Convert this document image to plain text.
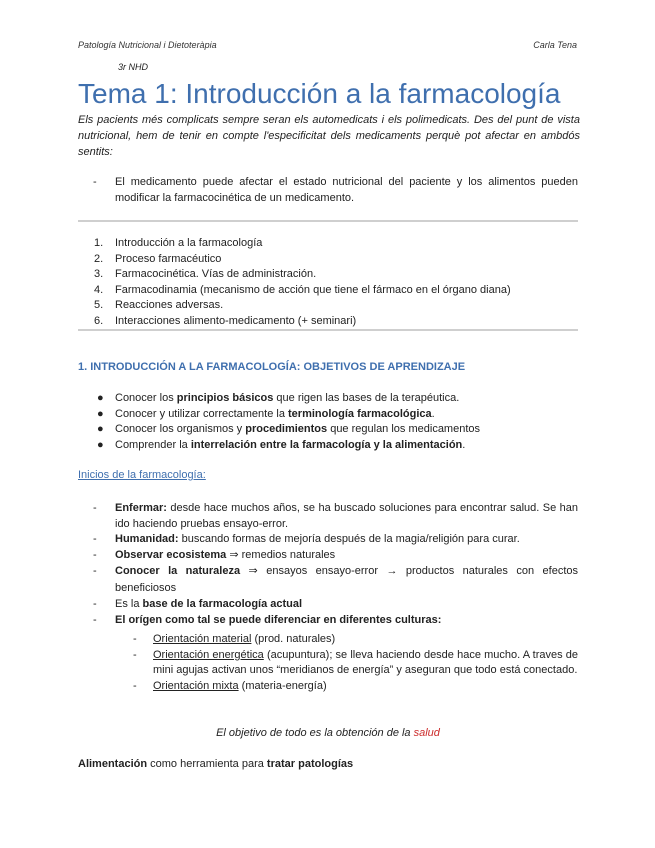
Patología Nutricional i Dietoteràpia	Carla Tena
3r NHD
Tema 1: Introducción a la farmacología
Els pacients més complicats sempre seran els automedicats i els polimedicats. Des del punt de vista nutricional, hem de tenir en compte l'especificitat dels medicaments perquè pot afectar en ambdós sentits:
-	El medicamento puede afectar el estado nutricional del paciente y los alimentos pueden modificar la farmacocinética de un medicamento.
1.	Introducción a la farmacología
2.	Proceso farmacéutico
3.	Farmacocinética. Vías de administración.
4.	Farmacodinamia (mecanismo de acción que tiene el fármaco en el órgano diana)
5.	Reacciones adversas.
6.	Interacciones alimento-medicamento (+ seminari)
1. INTRODUCCIÓN A LA FARMACOLOGÍA: OBJETIVOS DE APRENDIZAJE
●	Conocer los principios básicos que rigen las bases de la terapéutica.
●	Conocer y utilizar correctamente la terminología farmacológica.
●	Conocer los organismos y procedimientos que regulan los medicamentos
●	Comprender la interrelación entre la farmacología y la alimentación.
Inicios de la farmacología:
-	Enfermar: desde hace muchos años, se ha buscado soluciones para encontrar salud. Se han ido haciendo pruebas ensayo-error.
-	Humanidad: buscando formas de mejoría después de la magia/religión para curar.
-	Observar ecosistema ⇒ remedios naturales
-	Conocer la naturaleza ⇒ ensayos ensayo-error → productos naturales con efectos beneficiosos
-	Es la base de la farmacología actual
-	El orígen como tal se puede diferenciar en diferentes culturas:
-	Orientación material (prod. naturales)
-	Orientación energética (acupuntura); se lleva haciendo desde hace mucho. A traves de mini agujas activan unos “meridianos de energía” y aseguran que todo está conectado.
-	Orientación mixta (materia-energía)
El objetivo de todo es la obtención de la salud
Alimentación como herramienta para tratar patologías
